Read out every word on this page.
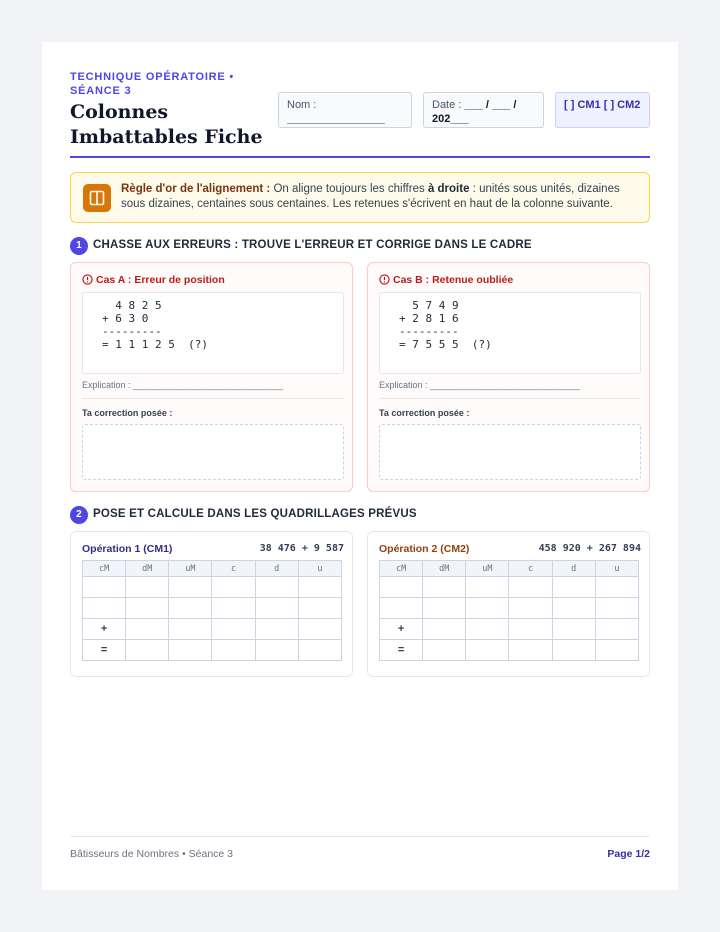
TECHNIQUE OPÉRATOIRE • SÉANCE 3
Colonnes Imbattables Fiche
Nom :
________________
Date : ___ / ___ / 202___
[ ] CM1 [ ] CM2
Règle d'or de l'alignement : On aligne toujours les chiffres à droite : unités sous unités, dizaines sous dizaines, centaines sous centaines. Les retenues s'écrivent en haut de la colonne suivante.
1 CHASSE AUX ERREURS : TROUVE L'ERREUR ET CORRIGE DANS LE CADRE
Cas A : Erreur de position
4 8 2 5
+ 6 3 0
---------
= 1 1 1 2 5  (?)
Explication : ______________________________
Ta correction posée :
Cas B : Retenue oubliée
5 7 4 9
+ 2 8 1 6
---------
= 7 5 5 5  (?)
Explication : ______________________________
Ta correction posée :
2 POSE ET CALCULE DANS LES QUADRILLAGES PRÉVUS
Opération 1 (CM1)	38 476 + 9 587
cM	dM	uM	c	d	u

+					
=					
Opération 2 (CM2)	458 920 + 267 894
cM	dM	uM	c	d	u

+					
=					
Bâtisseurs de Nombres • Séance 3	Page 1/2
